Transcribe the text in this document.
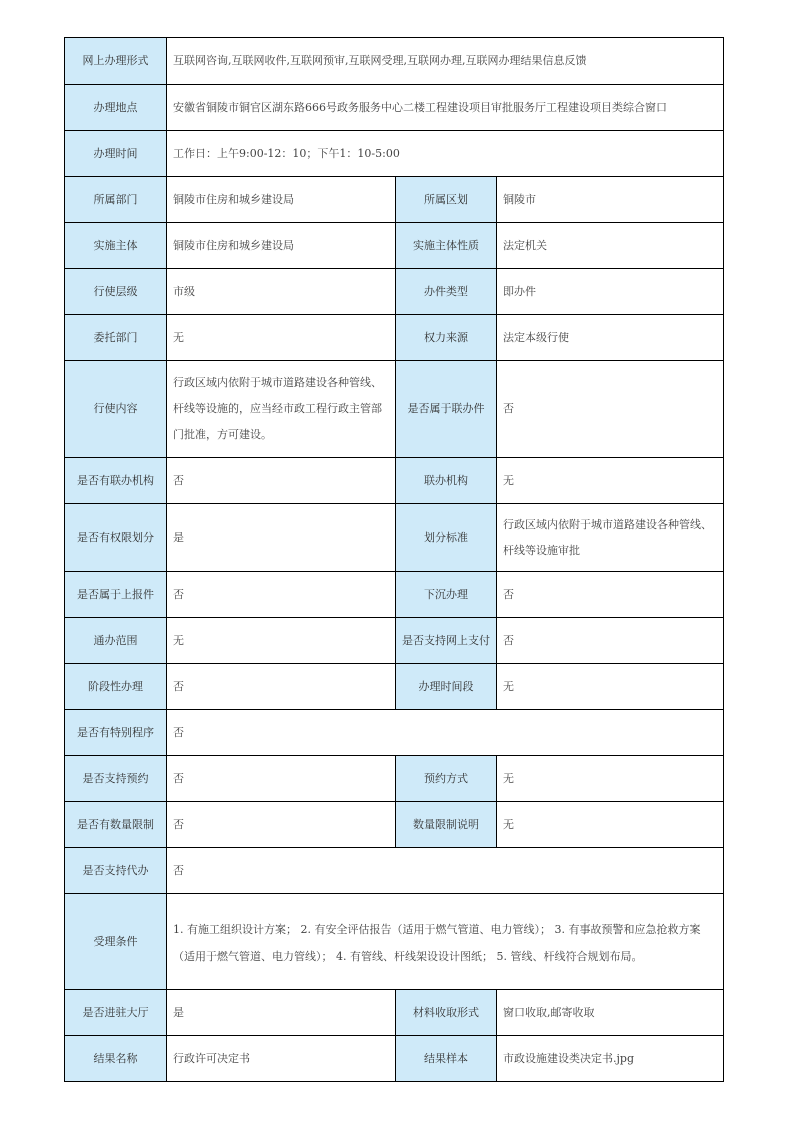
网上办理形式	互联网咨询,互联网收件,互联网预审,互联网受理,互联网办理,互联网办理结果信息反馈		
办理地点	安徽省铜陵市铜官区湖东路666号政务服务中心二楼工程建设项目审批服务厅工程建设项目类综合窗口		
办理时间	工作日：上午9:00-12：10；下午1：10-5:00		
所属部门	铜陵市住房和城乡建设局	所属区划	铜陵市
实施主体	铜陵市住房和城乡建设局	实施主体性质	法定机关
行使层级	市级	办件类型	即办件
委托部门	无	权力来源	法定本级行使
行使内容	行政区域内依附于城市道路建设各种管线、杆线等设施的，应当经市政工程行政主管部门批准，方可建设。	是否属于联办件	否
是否有联办机构	否	联办机构	无
是否有权限划分	是	划分标准	行政区域内依附于城市道路建设各种管线、杆线等设施审批
是否属于上报件	否	下沉办理	否
通办范围	无	是否支持网上支付	否
阶段性办理	否	办理时间段	无
是否有特别程序	否		
是否支持预约	否	预约方式	无
是否有数量限制	否	数量限制说明	无
是否支持代办	否		
受理条件	1. 有施工组织设计方案； 2. 有安全评估报告（适用于燃气管道、电力管线）； 3. 有事故预警和应急抢救方案（适用于燃气管道、电力管线）； 4. 有管线、杆线架设设计图纸； 5. 管线、杆线符合规划布局。		
是否进驻大厅	是	材料收取形式	窗口收取,邮寄收取
结果名称	行政许可决定书	结果样本	市政设施建设类决定书.jpg
